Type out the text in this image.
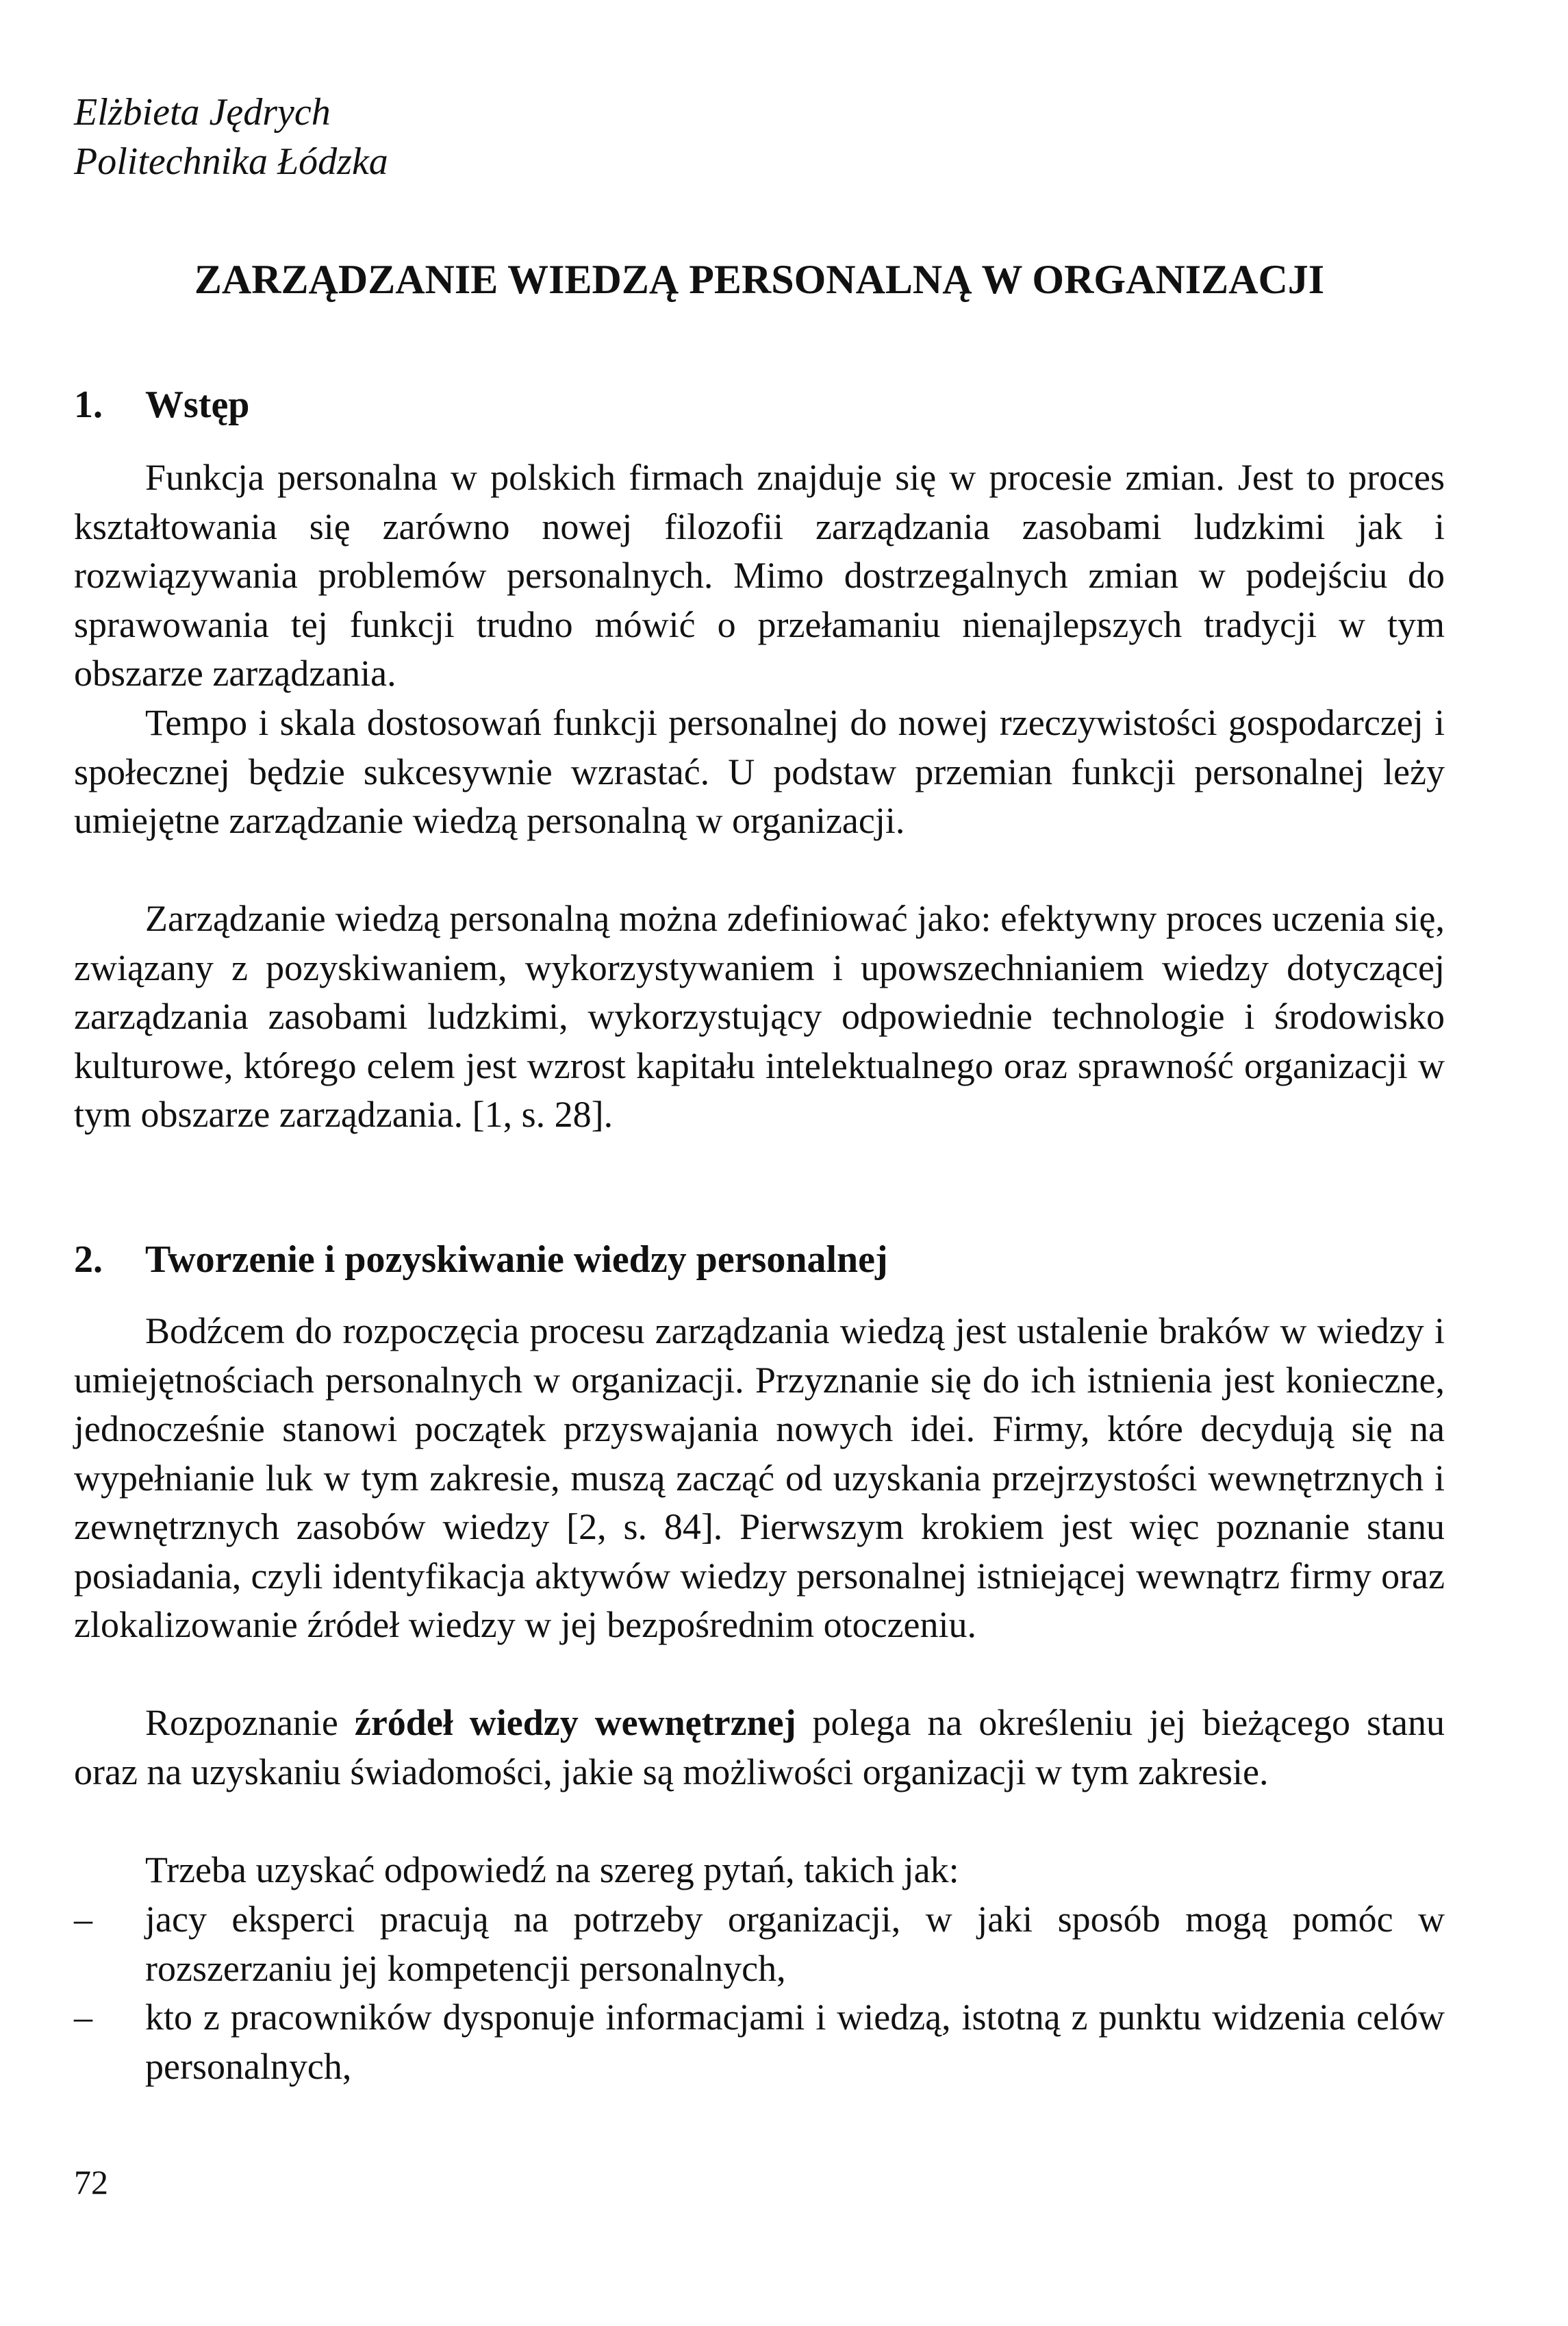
Elżbieta Jędrych
Politechnika Łódzka
ZARZĄDZANIE WIEDZĄ PERSONALNĄ W ORGANIZACJI
1. Wstęp

Funkcja personalna w polskich firmach znajduje się w procesie zmian. Jest to proces kształtowania się zarówno nowej filozofii zarządzania zasobami ludzkimi jak i rozwiązywania problemów personalnych. Mimo dostrzegalnych zmian w podejściu do sprawowania tej funkcji trudno mówić o przełamaniu nienajlepszych tradycji w tym obszarze zarządzania.

Tempo i skala dostosowań funkcji personalnej do nowej rzeczywistości gospodarczej i społecznej będzie sukcesywnie wzrastać. U podstaw przemian funkcji personalnej leży umiejętne zarządzanie wiedzą personalną w organizacji.

Zarządzanie wiedzą personalną można zdefiniować jako: efektywny proces uczenia się, związany z pozyskiwaniem, wykorzystywaniem i upowszechnianiem wiedzy dotyczącej zarządzania zasobami ludzkimi, wykorzystujący odpowiednie technologie i środowisko kulturowe, którego celem jest wzrost kapitału intelektualnego oraz sprawność organizacji w tym obszarze zarządzania. [1, s. 28].

2. Tworzenie i pozyskiwanie wiedzy personalnej

Bodźcem do rozpoczęcia procesu zarządzania wiedzą jest ustalenie braków w wiedzy i umiejętnościach personalnych w organizacji. Przyznanie się do ich istnienia jest konieczne, jednocześnie stanowi początek przyswajania nowych idei. Firmy, które decydują się na wypełnianie luk w tym zakresie, muszą zacząć od uzyskania przejrzystości wewnętrznych i zewnętrznych zasobów wiedzy [2, s. 84]. Pierwszym krokiem jest więc poznanie stanu posiadania, czyli identyfikacja aktywów wiedzy personalnej istniejącej wewnątrz firmy oraz zlokalizowanie źródeł wiedzy w jej bezpośrednim otoczeniu.

Rozpoznanie źródeł wiedzy wewnętrznej polega na określeniu jej bieżącego stanu oraz na uzyskaniu świadomości, jakie są możliwości organizacji w tym zakresie.

Trzeba uzyskać odpowiedź na szereg pytań, takich jak:

–	jacy eksperci pracują na potrzeby organizacji, w jaki sposób mogą pomóc w rozszerzaniu jej kompetencji personalnych,
–	kto z pracowników dysponuje informacjami i wiedzą, istotną z punktu widzenia celów personalnych,
72
